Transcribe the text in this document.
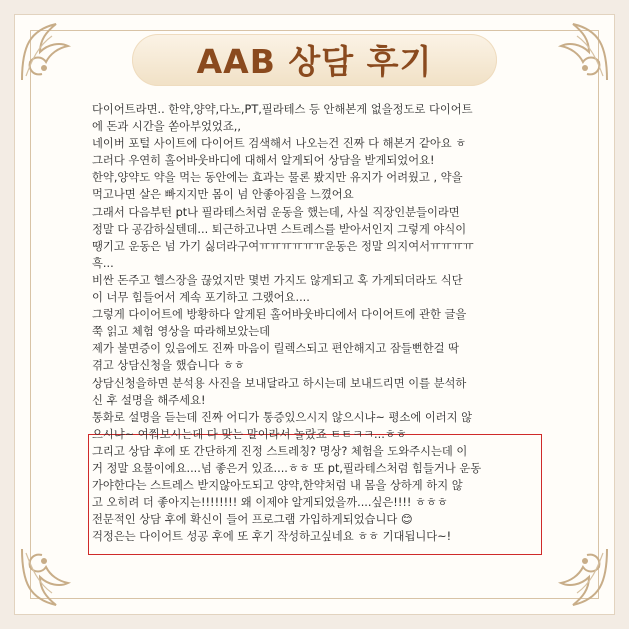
AAB 상담 후기

다이어트라면.. 한약,양약,다노,PT,필라테스 등 안해본게 없을정도로 다이어트

에 돈과 시간을 쏟아부었었죠,,

네이버 포털 사이트에 다이어트 검색해서 나오는건 진짜 다 해본거 같아요 ㅎ

그러다 우연히 홀어바웃바디에 대해서 알게되어 상담을 받게되었어요!

한약,양약도 약을 먹는 동안에는 효과는 물론 봤지만 유지가 어려웠고 , 약을

먹고나면 살은 빠지지만 몸이 넘 안좋아짐을 느꼈어요

그래서 다음부턴 pt나 필라테스처럼 운동을 했는데, 사실 직장인분들이라면

정말 다 공감하실텐데... 퇴근하고나면 스트레스를 받아서인지 그렇게 야식이

땡기고 운동은 넘 가기 싫더라구여ㅠㅠㅠㅠㅠㅠ운동은 정말 의지여서ㅠㅠㅠㅠ

흑...

비싼 돈주고 헬스장을 끊었지만 몇번 가지도 않게되고 혹 가게되더라도 식단

이 너무 힘들어서 계속 포기하고 그랬어요....

그렇게 다이어트에 방황하다 알게된 홀어바웃바디에서 다이어트에 관한 글을

쭉 읽고 체험 영상을 따라해보았는데

제가 불면증이 있음에도 진짜 마음이 릴렉스되고 편안해지고 잠들뻔한걸 딱

겪고 상담신청을 했습니다 ㅎㅎ

상담신청을하면 분석용 사진을 보내달라고 하시는데 보내드리면 이를 분석하

신 후 설명을 해주세요!

통화로 설명을 듣는데 진짜 어디가 통증있으시지 않으시냐~ 평소에 이러지 않

으시냐~ 여쭤보시는데 다 맞는 말이라서 놀랐죠 ㅌㅌㅋㅋ...ㅎㅎ

그리고 상담 후에 또 간단하게 진정 스트레칭? 명상? 체험을 도와주시는데 이

거 정말 요물이에요....넘 좋은거 있죠....ㅎㅎ 또 pt,필라테스처럼 힘들거나 운동

가야한다는 스트레스 받지않아도되고 양약,한약처럼 내 몸을 상하게 하지 않

고 오히려 더 좋아지는!!!!!!!! 왜 이제야 알게되었을까....싶은!!!! ㅎㅎㅎ

전문적인 상담 후에 확신이 들어 프로그램 가입하게되었습니다 😊

걱정은는 다이어트 성공 후에 또 후기 작성하고싶네요 ㅎㅎ 기대됩니다~!
